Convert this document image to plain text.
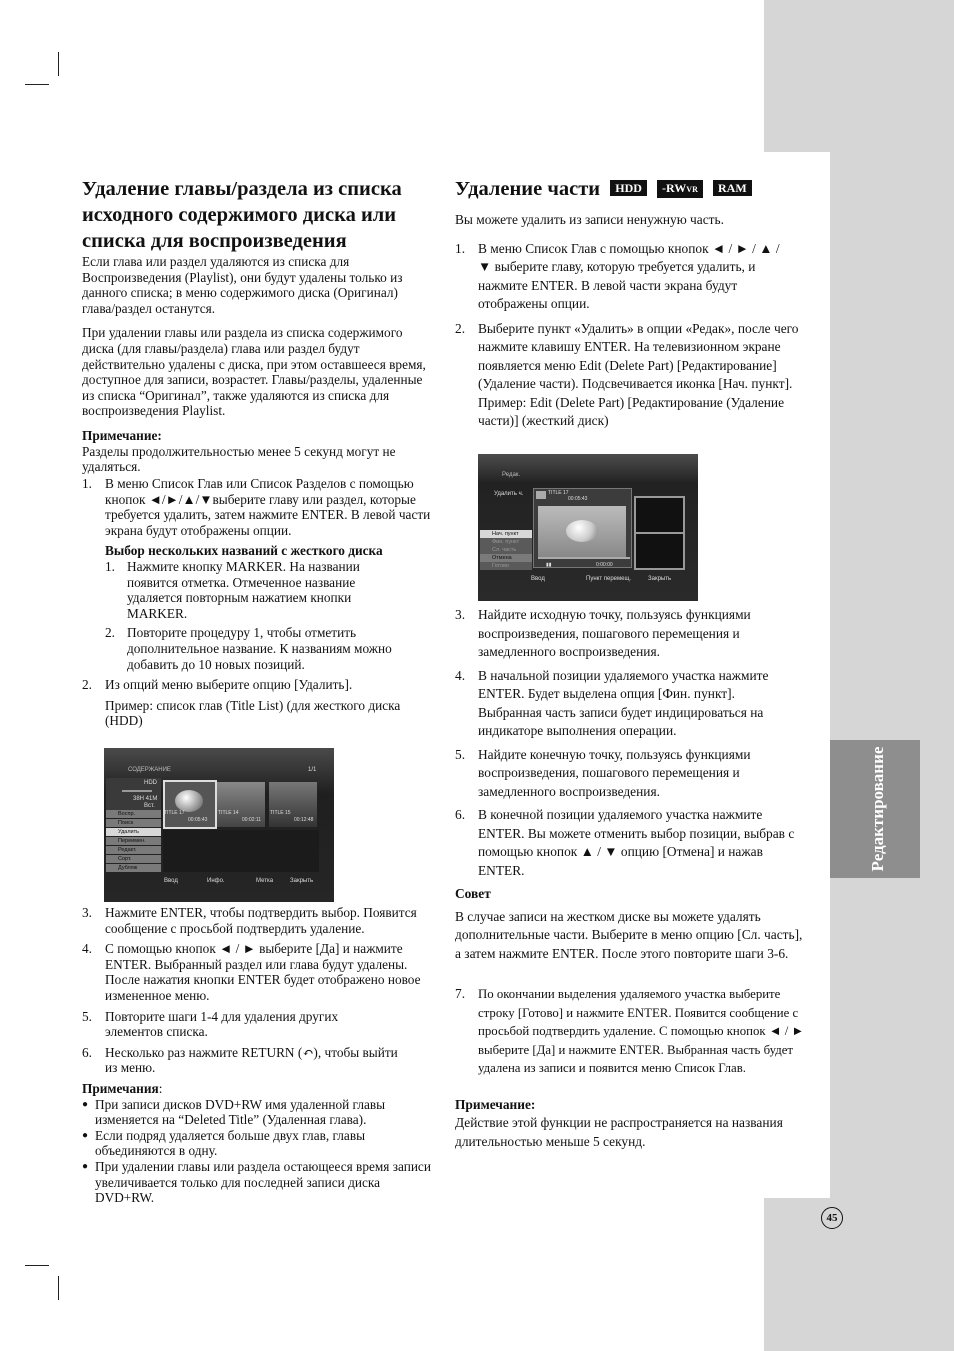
Редактирование
45
Удаление главы/раздела из списка исходного содержимого диска или списка для воспроизведения

Если глава или раздел удаляются из списка для Воспроизведения (Playlist), они будут удалены только из данного списка; в меню содержимого диска (Оригинал) глава/раздел останутся.

При удалении главы или раздела из списка содержимого диска (для главы/раздела) глава или раздел будут действительно удалены с диска, при этом оставшееся время, доступное для записи, возрастет. Главы/разделы, удаленные из списка “Оригинал”, также удаляются из списка для воспроизведения Playlist.

Примечание:

Разделы продолжительностью менее 5 секунд могут не удаляться.

1. В меню Список Глав или Список Разделов с помощью кнопок ◄/►/▲/▼выберите главу или раздел, которые требуется удалить, затем нажмите ENTER. В левой части экрана будут отображены опции.

Выбор нескольких названий с жесткого диска

1. Нажмите кнопку MARKER. На названии появится отметка. Отмеченное название удаляется повторным нажатием кнопки MARKER.

2. Повторите процедуру 1, чтобы отметить дополнительное название. К названиям можно добавить до 10 новых позиций.

2. Из опций меню выберите опцию [Удалить].

Пример: список глав (Title List) (для жесткого диска (HDD)

СОДЕРЖАНИЕ	1/1
HDD
38Н 41М
Вст.
Воспр.
Поиск
Удалить
Переимен.
Редакт.
Сорт.
Дубляж
TITLE 17
00:05:43
TITLE 14
00:02:11
TITLE 15
00:12:48
Ввод	Инфо.	Метка	Закрыть
3. Нажмите ENTER, чтобы подтвердить выбор. Появится сообщение с просьбой подтвердить удаление.

4. С помощью кнопок ◄ / ► выберите [Да] и нажмите ENTER. Выбранный раздел или глава будут удалены. После нажатия кнопки ENTER будет отображено новое измененное меню.

5. Повторите шаги 1-4 для удаления других элементов списка.

6. Несколько раз нажмите RETURN (↶), чтобы выйти из меню.

Примечания:

● При записи дисков DVD+RW имя удаленной главы изменяется на “Deleted Title” (Удаленная глава).

● Если подряд удаляется больше двух глав, главы объединяются в одну.

● При удалении главы или раздела остающееся время записи увеличивается только для последней записи диска DVD+RW.

Удаление части HDD -RWVR RAM

Вы можете удалить из записи ненужную часть.

1. В меню Список Глав с помощью кнопок ◄ / ► / ▲ / ▼ выберите главу, которую требуется удалить, и нажмите ENTER. В левой части экрана будут отображены опции.

2. Выберите пункт «Удалить» в опции «Редак», после чего нажмите клавишу ENTER. На телевизионном экране появляется меню Edit (Delete Part) [Редактирование] (Удаление части). Подсвечивается иконка [Нач. пункт]. Пример: Edit (Delete Part) [Редактирование (Удаление части)] (жесткий диск)

Редак.
Удалить ч.	TITLE 17
00:05:43
▮▮	0:00:00
Нач. пункт
Фин. пункт
Сл. часть
Отмена
Готово
Ввод	Пункт перемещ.	Закрыть
3. Найдите исходную точку, пользуясь функциями воспроизведения, пошагового перемещения и замедленного воспроизведения.

4. В начальной позиции удаляемого участка нажмите ENTER. Будет выделена опция [Фин. пункт]. Выбранная часть записи будет индицироваться на индикаторе выполнения операции.

5. Найдите конечную точку, пользуясь функциями воспроизведения, пошагового перемещения и замедленного воспроизведения.

6. В конечной позиции удаляемого участка нажмите ENTER. Вы можете отменить выбор позиции, выбрав с помощью кнопок ▲ / ▼ опцию [Отмена] и нажав ENTER.

Совет

В случае записи на жестком диске вы можете удалять дополнительные части. Выберите в меню опцию [Сл. часть], а затем нажмите ENTER. После этого повторите шаги 3-6.

7. По окончании выделения удаляемого участка выберите строку [Готово] и нажмите ENTER. Появится сообщение с просьбой подтвердить удаление. С помощью кнопок ◄ / ► выберите [Да] и нажмите ENTER. Выбранная часть будет удалена из записи и появится меню Список Глав.

Примечание:

Действие этой функции не распространяется на названия длительностью меньше 5 секунд.
